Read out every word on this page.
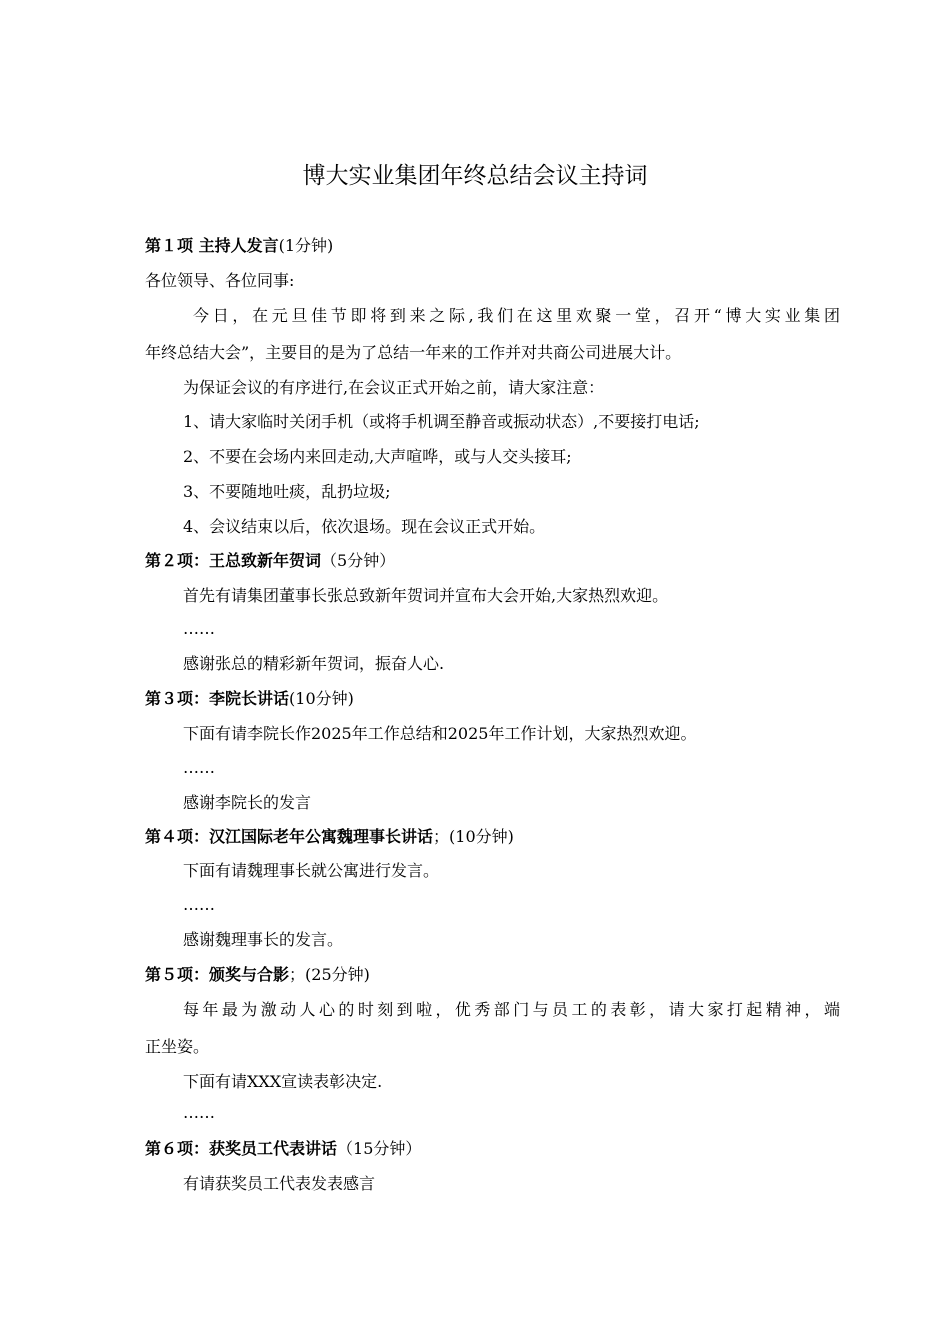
博大实业集团年终总结会议主持词
第１项 主持人发言(1分钟)
各位领导、各位同事:
今日，在元旦佳节即将到来之际,我们在这里欢聚一堂，召开“博大实业集团
年终总结大会”，主要目的是为了总结一年来的工作并对共商公司进展大计。
为保证会议的有序进行,在会议正式开始之前，请大家注意：
1、请大家临时关闭手机（或将手机调至静音或振动状态）,不要接打电话;
2、不要在会场内来回走动,大声喧哗，或与人交头接耳;
3、不要随地吐痰，乱扔垃圾;
4、会议结束以后，依次退场。现在会议正式开始。
第２项：王总致新年贺词（5分钟）
首先有请集团董事长张总致新年贺词并宣布大会开始,大家热烈欢迎。
……
感谢张总的精彩新年贺词，振奋人心.
第３项：李院长讲话(10分钟)
下面有请李院长作2025年工作总结和2025年工作计划，大家热烈欢迎。
……
感谢李院长的发言
第４项：汉江国际老年公寓魏理事长讲话；(10分钟)
下面有请魏理事长就公寓进行发言。
……
感谢魏理事长的发言。
第５项：颁奖与合影；(25分钟)
每年最为激动人心的时刻到啦，优秀部门与员工的表彰，请大家打起精神，端
正坐姿。
下面有请XXX宣读表彰决定.
……
第６项：获奖员工代表讲话（15分钟）
有请获奖员工代表发表感言
